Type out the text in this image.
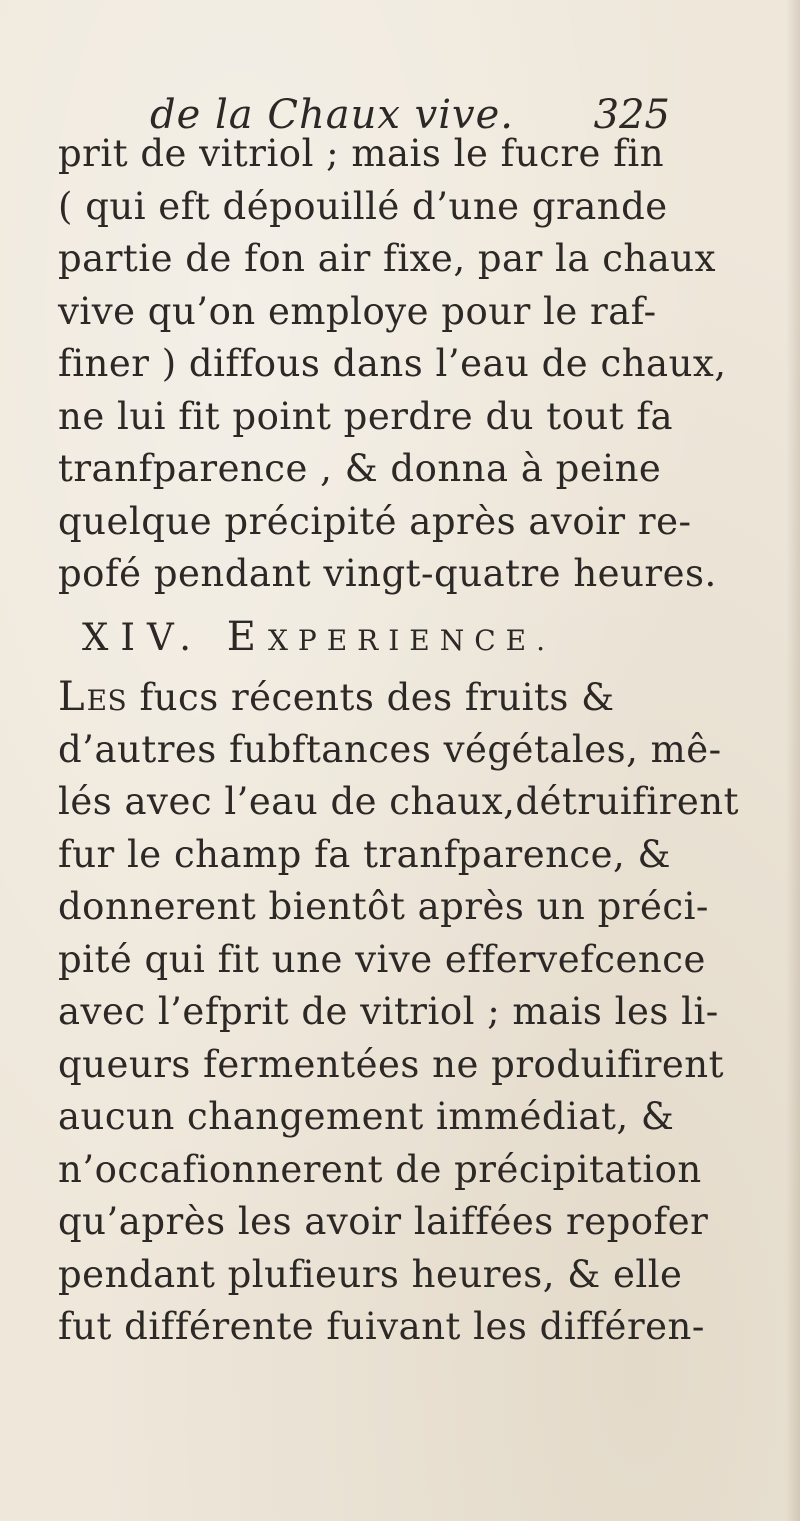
de la Chaux vive. 325
prit de vitriol ; mais le fucre fin
( qui eft dépouillé d’une grande
partie de fon air fixe, par la chaux
vive qu’on employe pour le raf-
finer ) diffous dans l’eau de chaux,
ne lui fit point perdre du tout fa
tranfparence , & donna à peine
quelque précipité après avoir re-
pofé pendant vingt-quatre heures.
XIV. EXPERIENCE.
LES fucs récents des fruits &
d’autres fubftances végétales, mê-
lés avec l’eau de chaux,détruifirent
fur le champ fa tranfparence, &
donnerent bientôt après un préci-
pité qui fit une vive effervefcence
avec l’efprit de vitriol ; mais les li-
queurs fermentées ne produifirent
aucun changement immédiat, &
n’occafionnerent de précipitation
qu’après les avoir laiffées repofer
pendant plufieurs heures, & elle
fut différente fuivant les différen-
